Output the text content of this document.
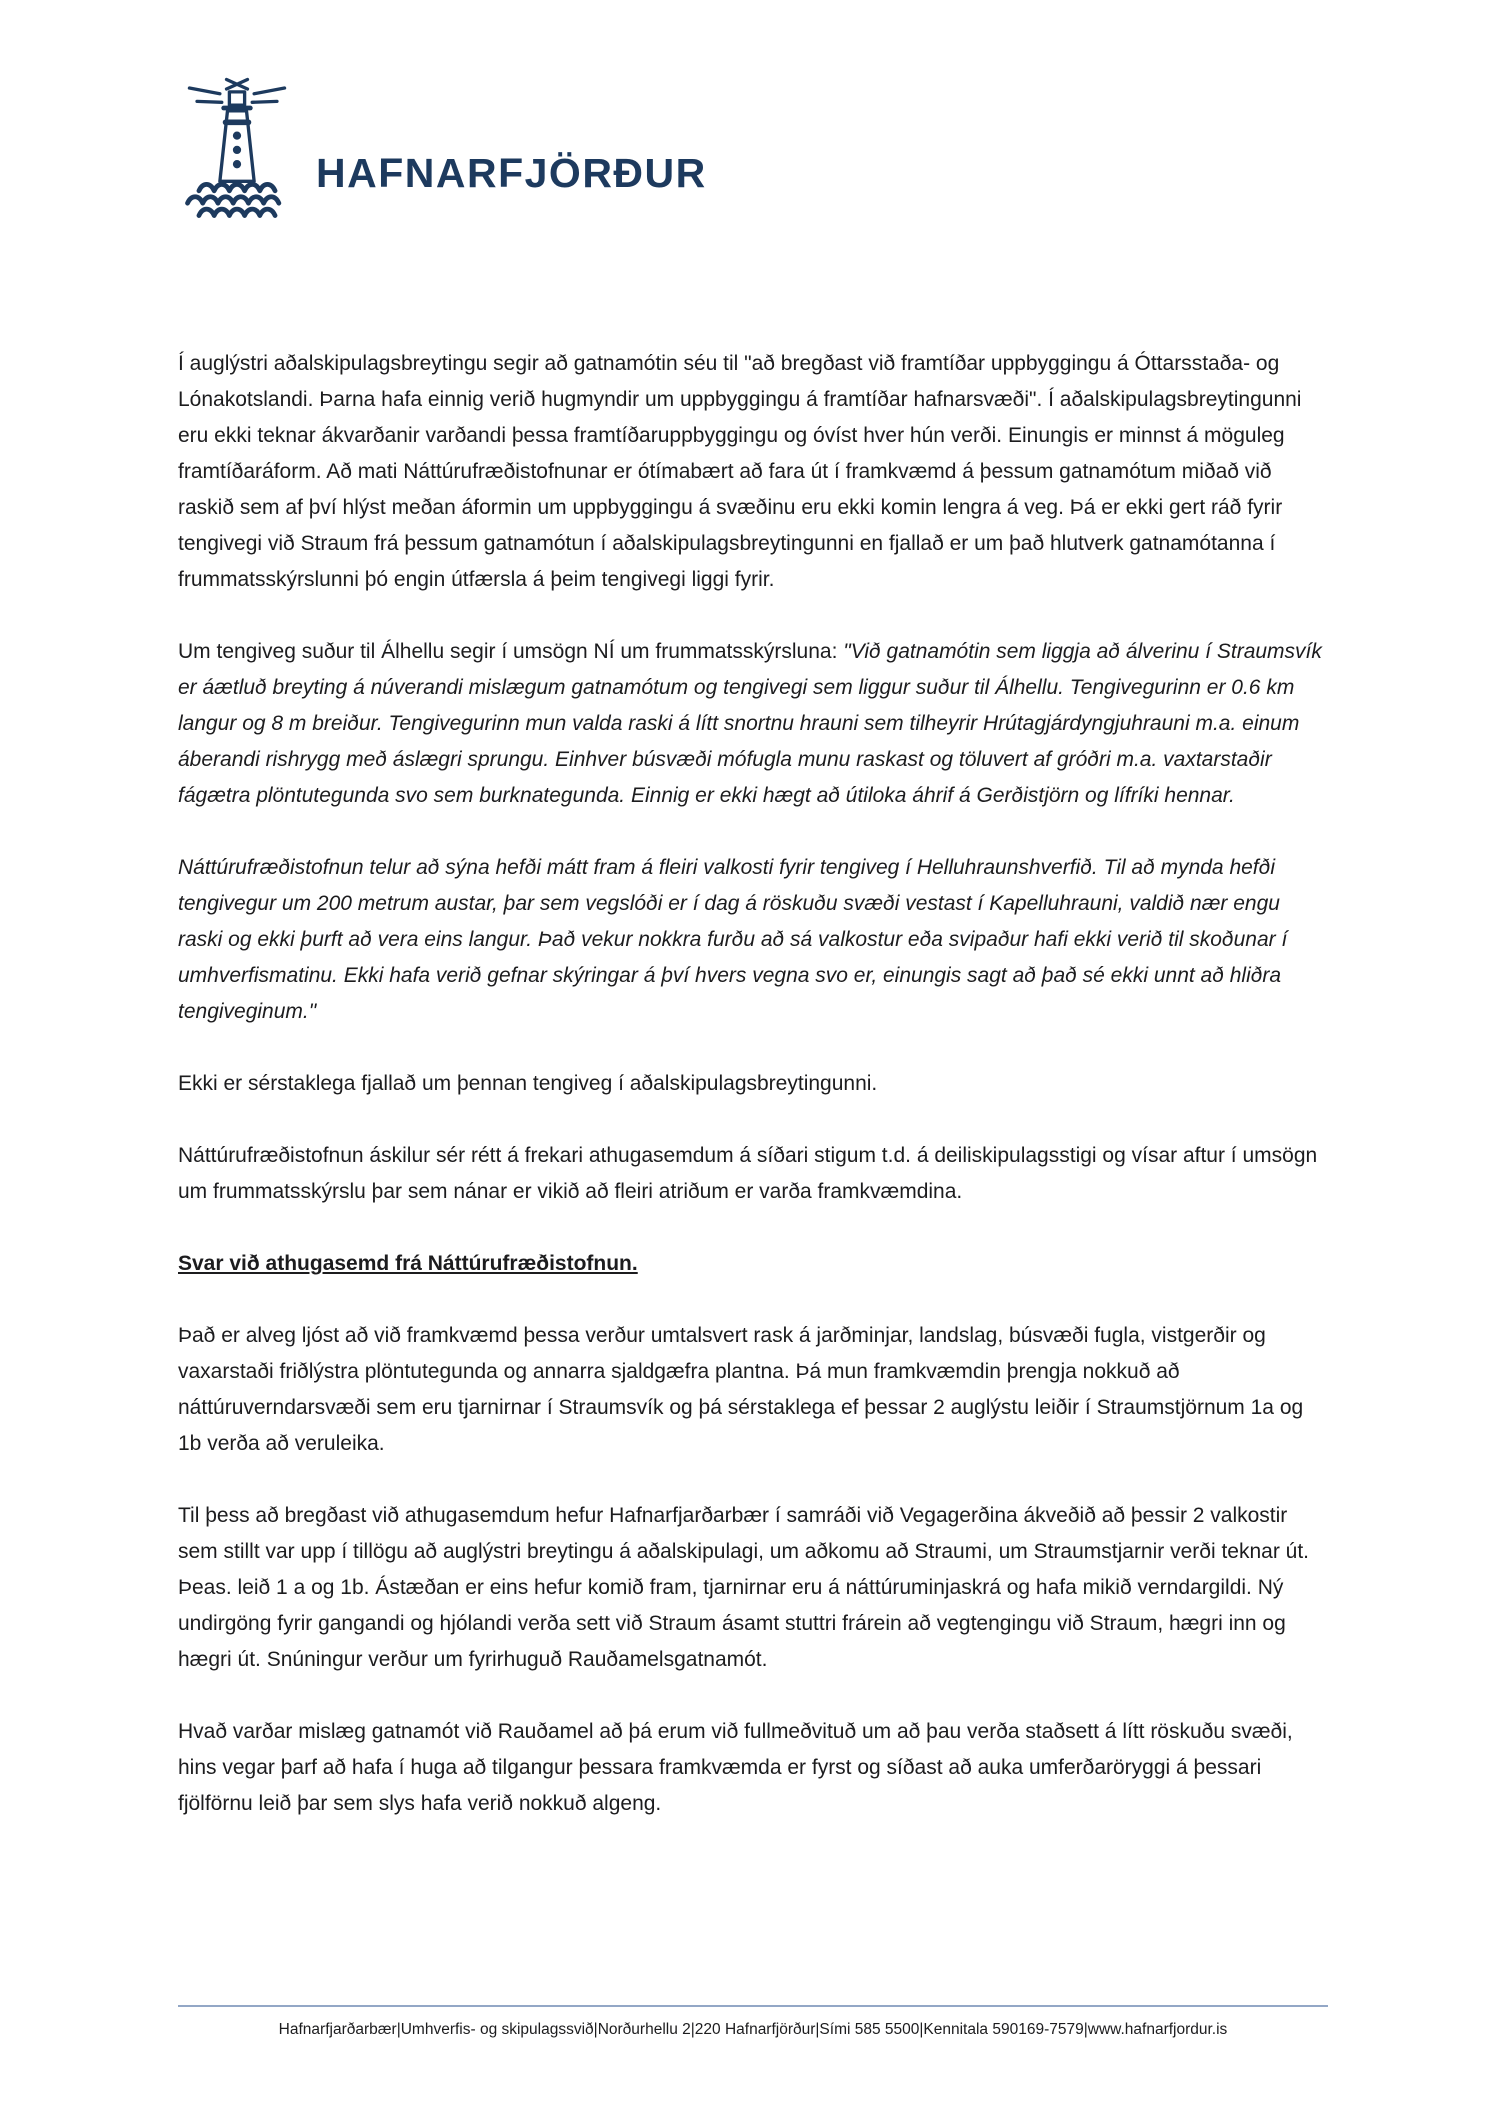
HAFNARFJÖRÐUR

Í auglýstri aðalskipulagsbreytingu segir að gatnamótin séu til "að bregðast við framtíðar uppbyggingu á Óttarsstaða- og Lónakotslandi. Þarna hafa einnig verið hugmyndir um uppbyggingu á framtíðar hafnarsvæði". Í aðalskipulagsbreytingunni eru ekki teknar ákvarðanir varðandi þessa framtíðaruppbyggingu og óvíst hver hún verði. Einungis er minnst á möguleg framtíðaráform. Að mati Náttúrufræðistofnunar er ótímabært að fara út í framkvæmd á þessum gatnamótum miðað við raskið sem af því hlýst meðan áformin um uppbyggingu á svæðinu eru ekki komin lengra á veg. Þá er ekki gert ráð fyrir tengivegi við Straum frá þessum gatnamótun í aðalskipulagsbreytingunni en fjallað er um það hlutverk gatnamótanna í frummatsskýrslunni þó engin útfærsla á þeim tengivegi liggi fyrir.

Um tengiveg suður til Álhellu segir í umsögn NÍ um frummatsskýrsluna: "Við gatnamótin sem liggja að álverinu í Straumsvík er áætluð breyting á núverandi mislægum gatnamótum og tengivegi sem liggur suður til Álhellu. Tengivegurinn er 0.6 km langur og 8 m breiður. Tengivegurinn mun valda raski á lítt snortnu hrauni sem tilheyrir Hrútagjárdyngjuhrauni m.a. einum áberandi rishrygg með áslægri sprungu. Einhver búsvæði mófugla munu raskast og töluvert af gróðri m.a. vaxtarstaðir fágætra plöntutegunda svo sem burknategunda. Einnig er ekki hægt að útiloka áhrif á Gerðistjörn og lífríki hennar.

Náttúrufræðistofnun telur að sýna hefði mátt fram á fleiri valkosti fyrir tengiveg í Helluhraunshverfið. Til að mynda hefði tengivegur um 200 metrum austar, þar sem vegslóði er í dag á röskuðu svæði vestast í Kapelluhrauni, valdið nær engu raski og ekki þurft að vera eins langur. Það vekur nokkra furðu að sá valkostur eða svipaður hafi ekki verið til skoðunar í umhverfismatinu. Ekki hafa verið gefnar skýringar á því hvers vegna svo er, einungis sagt að það sé ekki unnt að hliðra tengiveginum."

Ekki er sérstaklega fjallað um þennan tengiveg í aðalskipulagsbreytingunni.

Náttúrufræðistofnun áskilur sér rétt á frekari athugasemdum á síðari stigum t.d. á deiliskipulagsstigi og vísar aftur í umsögn um frummatsskýrslu þar sem nánar er vikið að fleiri atriðum er varða framkvæmdina.

Svar við athugasemd frá Náttúrufræðistofnun.

Það er alveg ljóst að við framkvæmd þessa verður umtalsvert rask á jarðminjar, landslag, búsvæði fugla, vistgerðir og vaxarstaði friðlýstra plöntutegunda og annarra sjaldgæfra plantna. Þá mun framkvæmdin þrengja nokkuð að náttúruverndarsvæði sem eru tjarnirnar í Straumsvík og þá sérstaklega ef þessar 2 auglýstu leiðir í Straumstjörnum 1a og 1b verða að veruleika.

Til þess að bregðast við athugasemdum hefur Hafnarfjarðarbær í samráði við Vegagerðina ákveðið að þessir 2 valkostir sem stillt var upp í tillögu að auglýstri breytingu á aðalskipulagi, um aðkomu að Straumi, um Straumstjarnir verði teknar út. Þeas. leið 1 a og 1b. Ástæðan er eins hefur komið fram, tjarnirnar eru á náttúruminjaskrá og hafa mikið verndargildi. Ný undirgöng fyrir gangandi og hjólandi verða sett við Straum ásamt stuttri frárein að vegtengingu við Straum, hægri inn og hægri út. Snúningur verður um fyrirhuguð Rauðamelsgatnamót.

Hvað varðar mislæg gatnamót við Rauðamel að þá erum við fullmeðvituð um að þau verða staðsett á lítt röskuðu svæði, hins vegar þarf að hafa í huga að tilgangur þessara framkvæmda er fyrst og síðast að auka umferðaröryggi á þessari fjölförnu leið þar sem slys hafa verið nokkuð algeng.

Hafnarfjarðarbær|Umhverfis- og skipulagssvið|Norðurhellu 2|220 Hafnarfjörður|Sími 585 5500|Kennitala 590169-7579|www.hafnarfjordur.is
